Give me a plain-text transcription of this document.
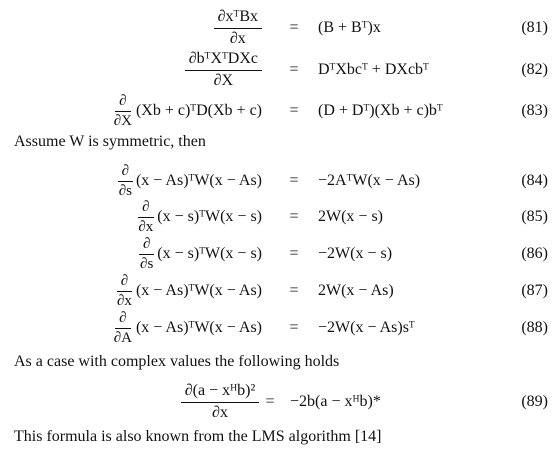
$\frac{\text{∂xᵀBx}}{\partial x}$	=	(B + Bᵀ)x	(81)
$\frac{\text{∂bᵀXᵀDXc}}{\partial X}$	=	DᵀXbcᵀ + DXcbᵀ	(82)
$\frac{\partial}{\partial X} (Xb$ + c)ᵀD(Xb + c)	=	(D + Dᵀ)(Xb + c)bᵀ	(83)
Assume W is symmetric, then
$\frac{\partial}{\partial s} (x$ − As)ᵀW(x − As)	=	−2AᵀW(x − As)	(84)
$\frac{\partial}{\partial x} (x$ − s)ᵀW(x − s)	=	2W(x − s)	(85)
$\frac{\partial}{\partial s} (x$ − s)ᵀW(x − s)	=	−2W(x − s)	(86)
$\frac{\partial}{\partial x} (x$ − As)ᵀW(x − As)	=	2W(x − As)	(87)
$\frac{\partial}{\partial A} (x$ − As)ᵀW(x − As)	=	−2W(x − As)sᵀ	(88)
As a case with complex values the following holds
$\frac{\text{∂(a − xᴴb)²}}{\partial x} = -2b(a$ − xᴴb)*	(89)
This formula is also known from the LMS algorithm [14]
